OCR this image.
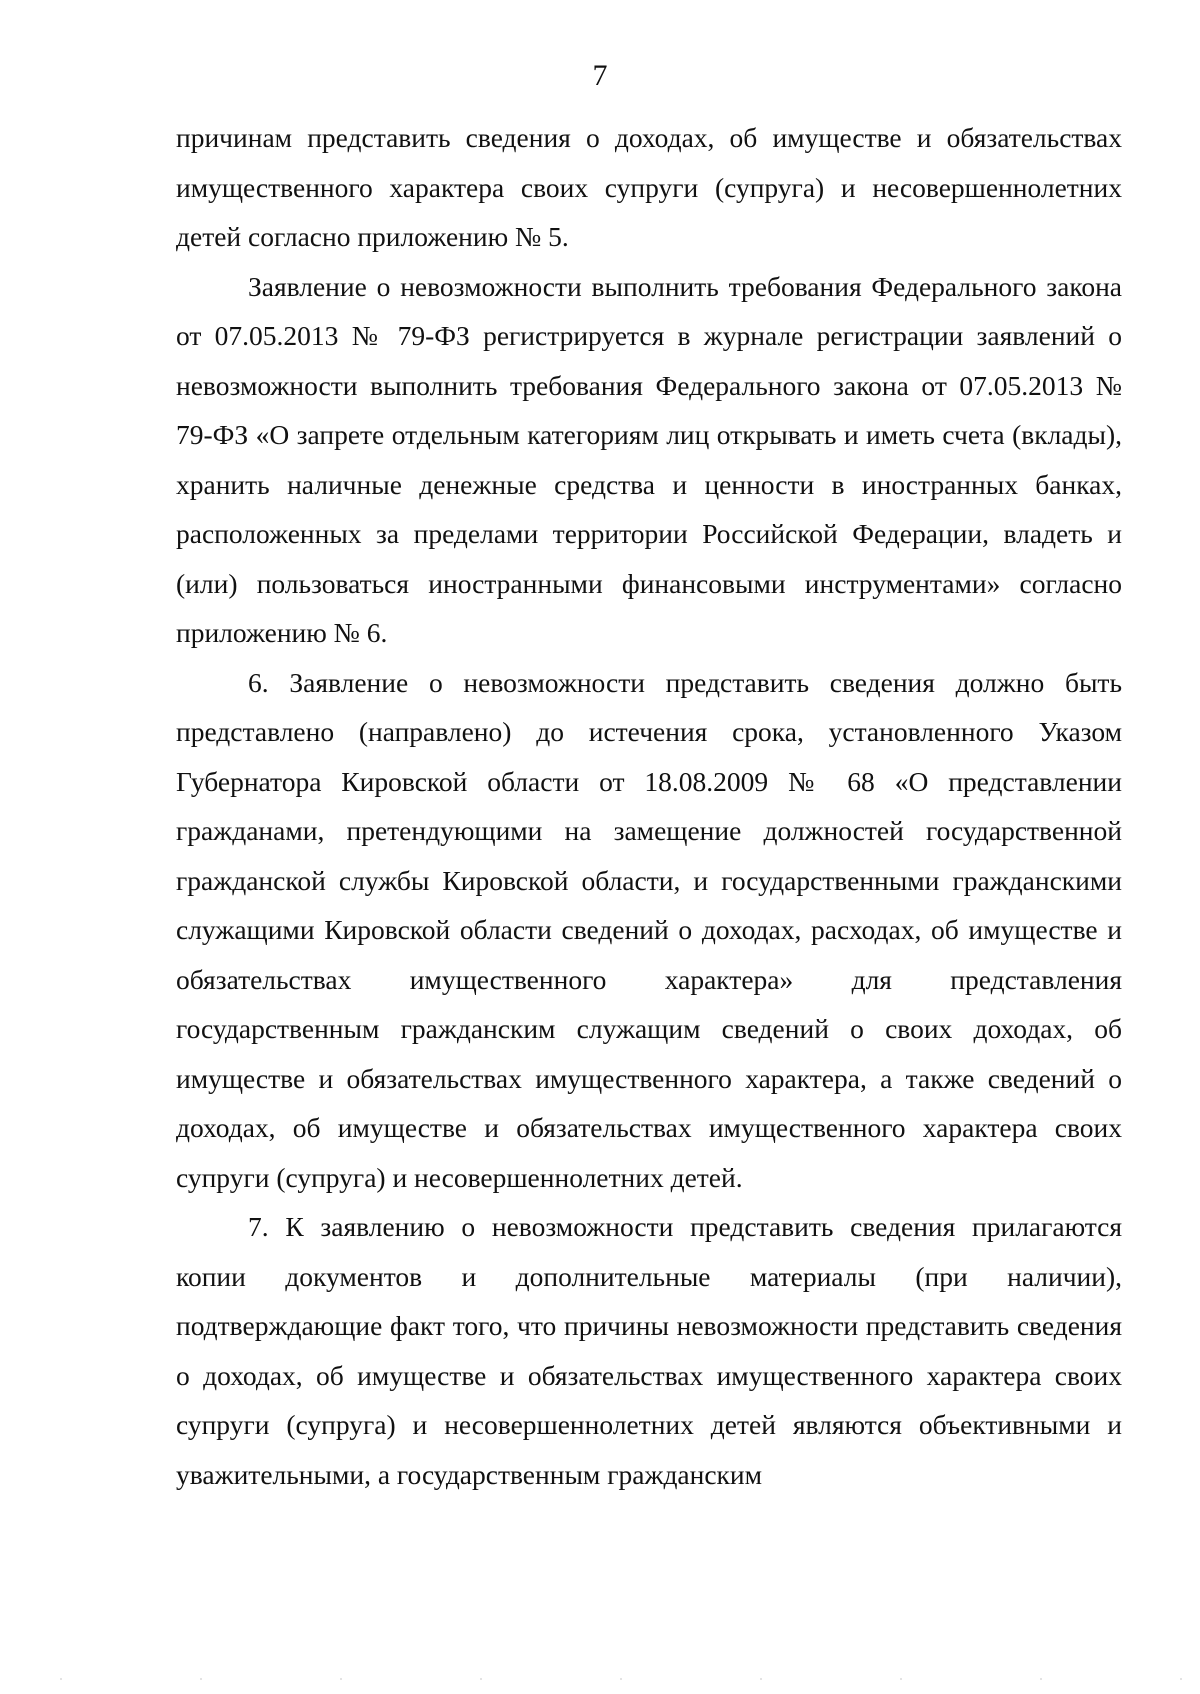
7

причинам представить сведения о доходах, об имуществе и обязательствах имущественного характера своих супруги (супруга) и несовершеннолетних детей согласно приложению № 5.

Заявление о невозможности выполнить требования Федерального закона от 07.05.2013 № 79-ФЗ регистрируется в журнале регистрации заявлений о невозможности выполнить требования Федерального закона от 07.05.2013 № 79-ФЗ «О запрете отдельным категориям лиц открывать и иметь счета (вклады), хранить наличные денежные средства и ценности в иностранных банках, расположенных за пределами территории Российской Федерации, владеть и (или) пользоваться иностранными финансовыми инструментами» согласно приложению № 6.

6. Заявление о невозможности представить сведения должно быть представлено (направлено) до истечения срока, установленного Указом Губернатора Кировской области от 18.08.2009 № 68 «О представлении гражданами, претендующими на замещение должностей государственной гражданской службы Кировской области, и государственными гражданскими служащими Кировской области сведений о доходах, расходах, об имуществе и обязательствах имущественного характера» для представления государственным гражданским служащим сведений о своих доходах, об имуществе и обязательствах имущественного характера, а также сведений о доходах, об имуществе и обязательствах имущественного характера своих супруги (супруга) и несовершеннолетних детей.

7. К заявлению о невозможности представить сведения прилагаются копии документов и дополнительные материалы (при наличии), подтверждающие факт того, что причины невозможности представить сведения о доходах, об имуществе и обязательствах имущественного характера своих супруги (супруга) и несовершеннолетних детей являются объективными и уважительными, а государственным гражданским
